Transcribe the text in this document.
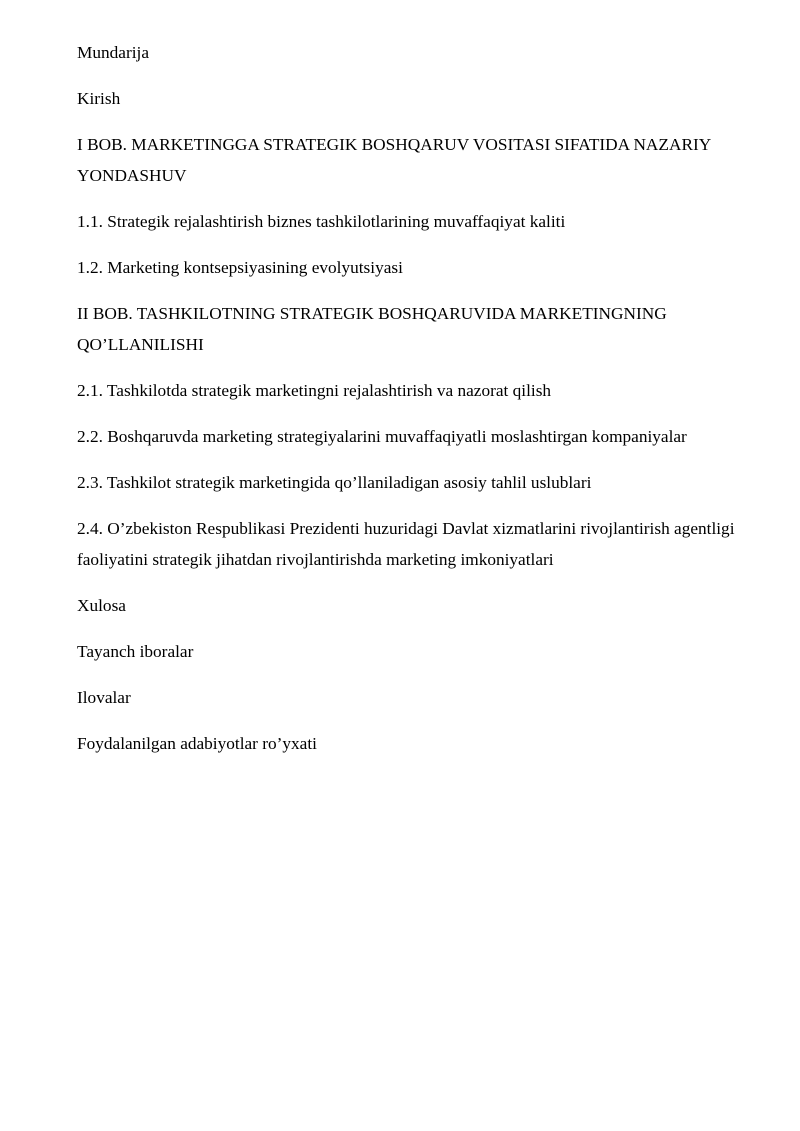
Mundarija

Kirish

I BOB. MARKETINGGA STRATEGIK BOSHQARUV VOSITASI SIFATIDA NAZARIY YONDASHUV

1.1. Strategik rejalashtirish biznes tashkilotlarining muvaffaqiyat kaliti

1.2. Marketing kontsepsiyasining evolyutsiyasi

II BOB. TASHKILOTNING STRATEGIK BOSHQARUVIDA MARKETINGNING QO’LLANILISHI

2.1. Tashkilotda strategik marketingni rejalashtirish va nazorat qilish

2.2. Boshqaruvda marketing strategiyalarini muvaffaqiyatli moslashtirgan kompaniyalar

2.3. Tashkilot strategik marketingida qo’llaniladigan asosiy tahlil uslublari

2.4. O’zbekiston Respublikasi Prezidenti huzuridagi Davlat xizmatlarini rivojlantirish agentligi faoliyatini strategik jihatdan rivojlantirishda marketing imkoniyatlari

Xulosa

Tayanch iboralar

Ilovalar

Foydalanilgan adabiyotlar ro’yxati
